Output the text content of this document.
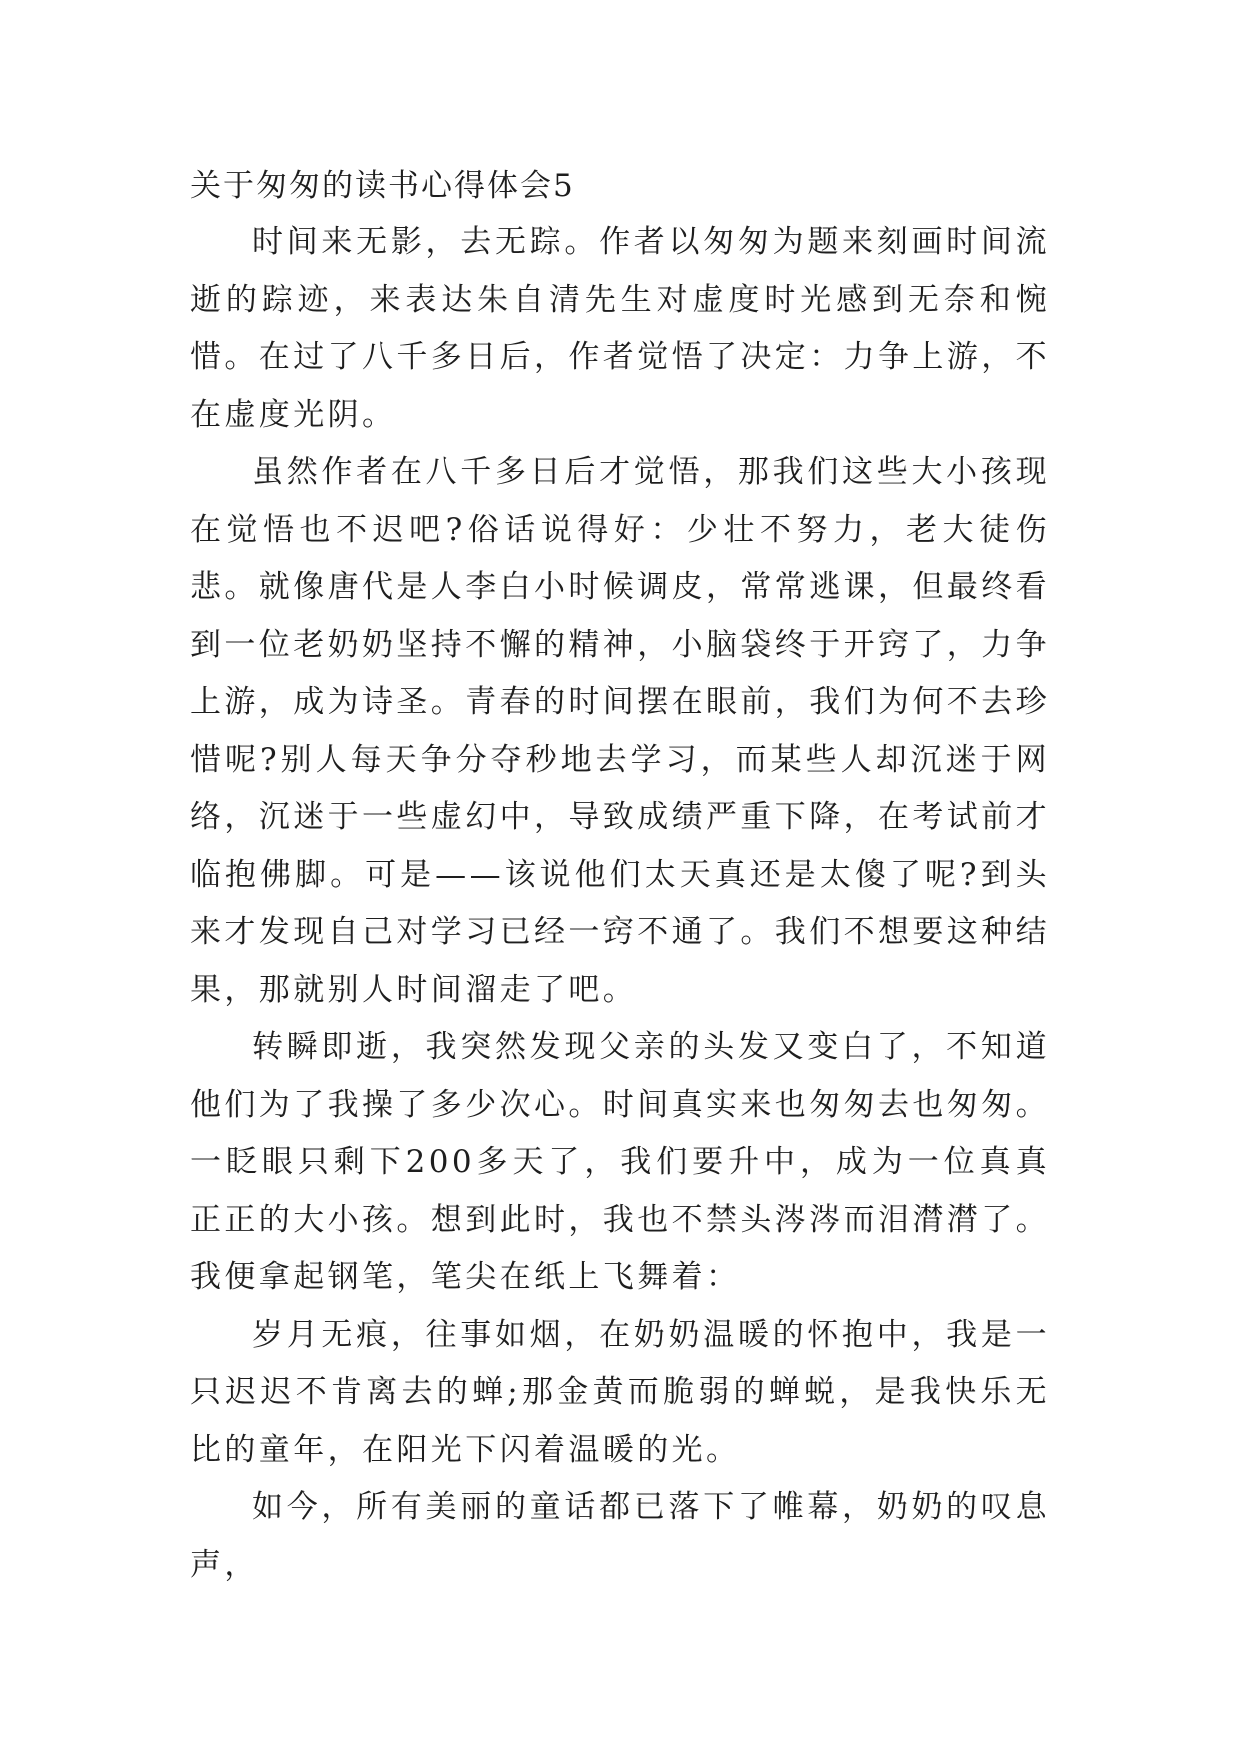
关于匆匆的读书心得体会5

时间来无影，去无踪。作者以匆匆为题来刻画时间流逝的踪迹，来表达朱自清先生对虚度时光感到无奈和惋惜。在过了八千多日后，作者觉悟了决定：力争上游，不在虚度光阴。

虽然作者在八千多日后才觉悟，那我们这些大小孩现在觉悟也不迟吧?俗话说得好：少壮不努力，老大徒伤悲。就像唐代是人李白小时候调皮，常常逃课，但最终看到一位老奶奶坚持不懈的精神，小脑袋终于开窍了，力争上游，成为诗圣。青春的时间摆在眼前，我们为何不去珍惜呢?别人每天争分夺秒地去学习，而某些人却沉迷于网络，沉迷于一些虚幻中，导致成绩严重下降，在考试前才临抱佛脚。可是——该说他们太天真还是太傻了呢?到头来才发现自己对学习已经一窍不通了。我们不想要这种结果，那就别人时间溜走了吧。

转瞬即逝，我突然发现父亲的头发又变白了，不知道他们为了我操了多少次心。时间真实来也匆匆去也匆匆。一眨眼只剩下200多天了，我们要升中，成为一位真真正正的大小孩。想到此时，我也不禁头涔涔而泪潸潸了。我便拿起钢笔，笔尖在纸上飞舞着：

岁月无痕，往事如烟，在奶奶温暖的怀抱中，我是一只迟迟不肯离去的蝉;那金黄而脆弱的蝉蜕，是我快乐无比的童年，在阳光下闪着温暖的光。

如今，所有美丽的童话都已落下了帷幕，奶奶的叹息声，
